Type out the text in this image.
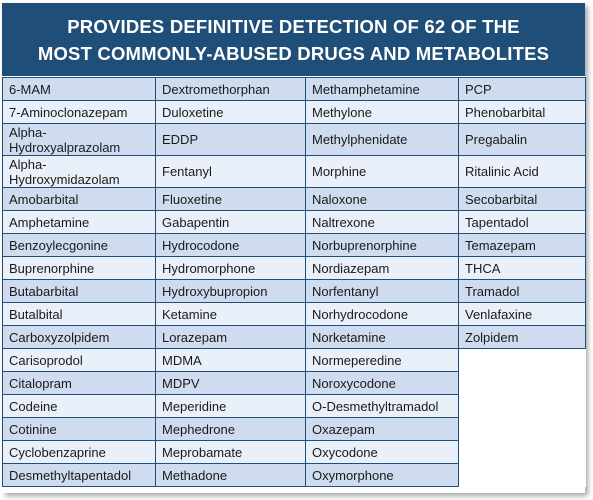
PROVIDES DEFINITIVE DETECTION OF 62 OF THE
MOST COMMONLY-ABUSED DRUGS AND METABOLITES
6-MAM	Dextromethorphan	Methamphetamine	PCP
7-Aminoclonazepam	Duloxetine	Methylone	Phenobarbital
Alpha-Hydroxyalprazolam	EDDP	Methylphenidate	Pregabalin
Alpha-Hydroxymidazolam	Fentanyl	Morphine	Ritalinic Acid
Amobarbital	Fluoxetine	Naloxone	Secobarbital
Amphetamine	Gabapentin	Naltrexone	Tapentadol
Benzoylecgonine	Hydrocodone	Norbuprenorphine	Temazepam
Buprenorphine	Hydromorphone	Nordiazepam	THCA
Butabarbital	Hydroxybupropion	Norfentanyl	Tramadol
Butalbital	Ketamine	Norhydrocodone	Venlafaxine
Carboxyzolpidem	Lorazepam	Norketamine	Zolpidem
Carisoprodol	MDMA	Normeperedine	
Citalopram	MDPV	Noroxycodone	
Codeine	Meperidine	O-Desmethyltramadol	
Cotinine	Mephedrone	Oxazepam	
Cyclobenzaprine	Meprobamate	Oxycodone	
Desmethyltapentadol	Methadone	Oxymorphone	
